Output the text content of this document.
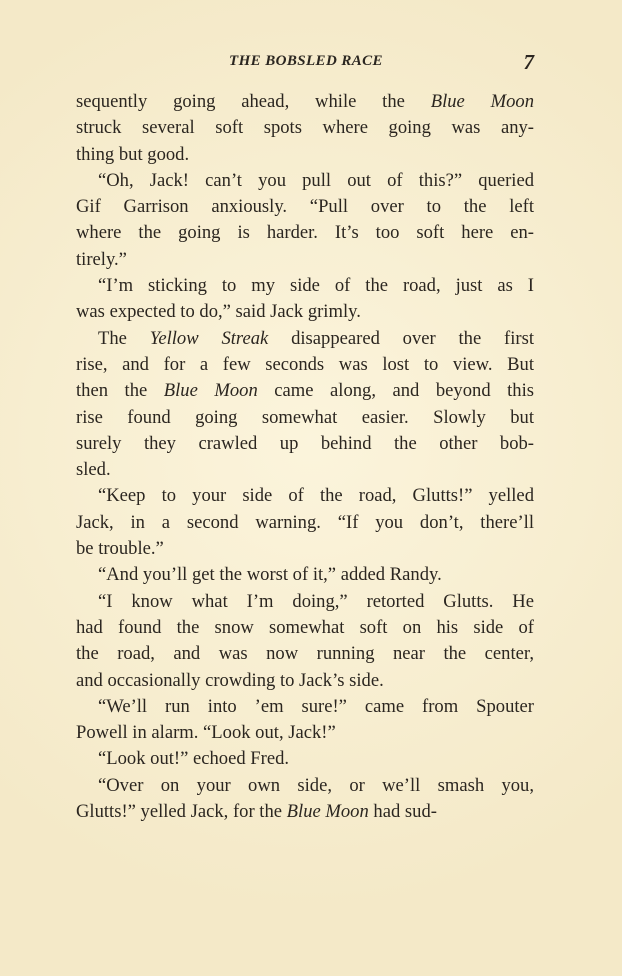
THE BOBSLED RACE	7
sequently going ahead, while the Blue Moon
struck several soft spots where going was any-
thing but good.
“Oh, Jack! can’t you pull out of this?” queried
Gif Garrison anxiously. “Pull over to the left
where the going is harder. It’s too soft here en-
tirely.”
“I’m sticking to my side of the road, just as I
was expected to do,” said Jack grimly.
The Yellow Streak disappeared over the first
rise, and for a few seconds was lost to view. But
then the Blue Moon came along, and beyond this
rise found going somewhat easier. Slowly but
surely they crawled up behind the other bob-
sled.
“Keep to your side of the road, Glutts!” yelled
Jack, in a second warning. “If you don’t, there’ll
be trouble.”
“And you’ll get the worst of it,” added Randy.
“I know what I’m doing,” retorted Glutts. He
had found the snow somewhat soft on his side of
the road, and was now running near the center,
and occasionally crowding to Jack’s side.
“We’ll run into ’em sure!” came from Spouter
Powell in alarm. “Look out, Jack!”
“Look out!” echoed Fred.
“Over on your own side, or we’ll smash you,
Glutts!” yelled Jack, for the Blue Moon had sud-
